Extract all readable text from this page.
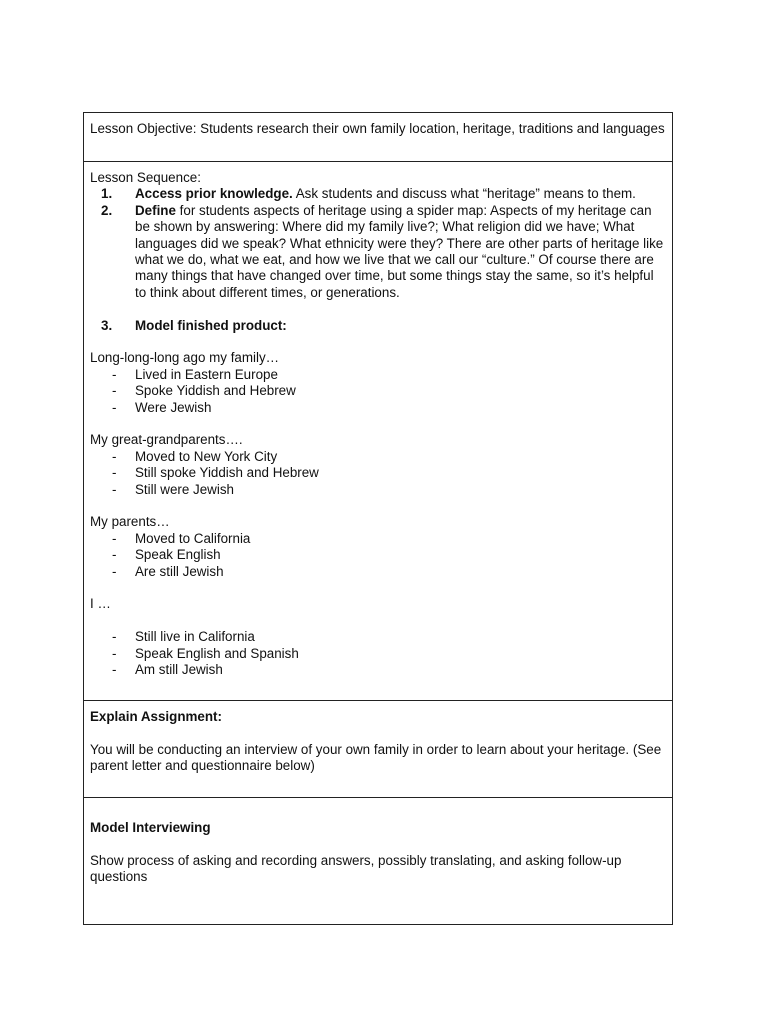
Lesson Objective: Students research their own family location, heritage, traditions and languages

Lesson Sequence:

1. Access prior knowledge. Ask students and discuss what “heritage” means to them.
2. Define for students aspects of heritage using a spider map: Aspects of my heritage can be shown by answering: Where did my family live?; What religion did we have; What languages did we speak? What ethnicity were they? There are other parts of heritage like what we do, what we eat, and how we live that we call our “culture.” Of course there are many things that have changed over time, but some things stay the same, so it’s helpful to think about different times, or generations.
3. Model finished product:

Long-long-long ago my family…

- Lived in Eastern Europe
- Spoke Yiddish and Hebrew
- Were Jewish

My great-grandparents….

- Moved to New York City
- Still spoke Yiddish and Hebrew
- Still were Jewish

My parents…

- Moved to California
- Speak English
- Are still Jewish

I …

- Still live in California
- Speak English and Spanish
- Am still Jewish

Explain Assignment:

You will be conducting an interview of your own family in order to learn about your heritage. (See parent letter and questionnaire below)

Model Interviewing

Show process of asking and recording answers, possibly translating, and asking follow-up questions
